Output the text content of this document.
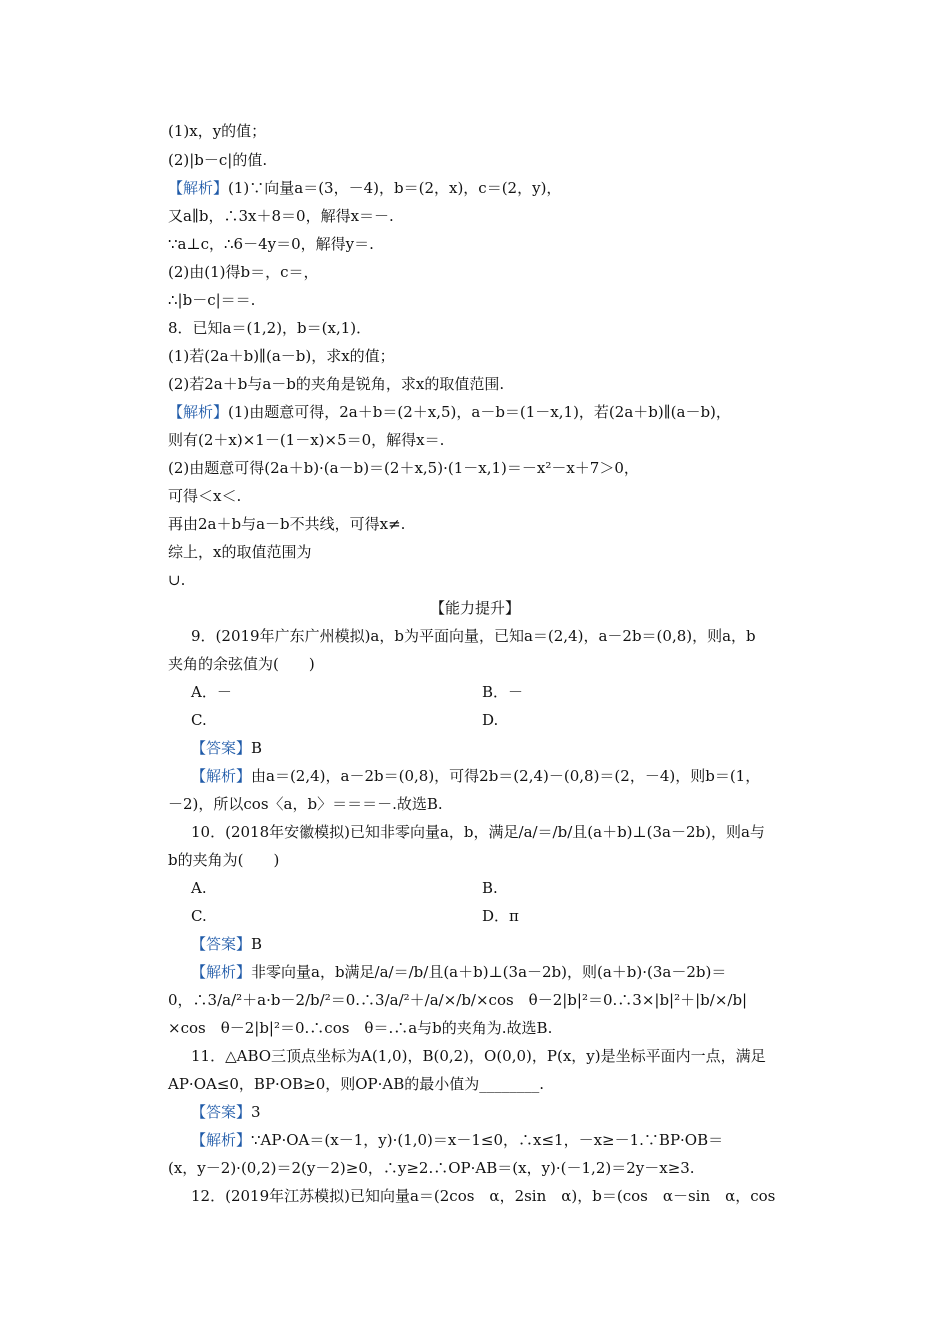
(1)x，y的值；
(2)|b－c|的值.
【解析】(1)∵向量a＝(3，－4)，b＝(2，x)，c＝(2，y)，
又a∥b，∴3x＋8＝0，解得x＝－.
∵a⊥c，∴6－4y＝0，解得y＝.
(2)由(1)得b＝，c＝，
∴|b－c|＝＝.
8．已知a＝(1,2)，b＝(x,1)．
(1)若(2a＋b)∥(a－b)，求x的值；
(2)若2a＋b与a－b的夹角是锐角，求x的取值范围.
【解析】(1)由题意可得，2a＋b＝(2＋x,5)，a－b＝(1－x,1)，若(2a＋b)∥(a－b)，
则有(2＋x)×1－(1－x)×5＝0，解得x＝.
(2)由题意可得(2a＋b)·(a－b)＝(2＋x,5)·(1－x,1)＝－x²－x＋7＞0，
可得＜x＜.
再由2a＋b与a－b不共线，可得x≠.
综上，x的取值范围为
∪.
【能力提升】
9．(2019年广东广州模拟)a，b为平面向量，已知a＝(2,4)，a－2b＝(0,8)，则a，b
夹角的余弦值为(　　)
A．－	B．－
C.	D.
【答案】B
【解析】由a＝(2,4)，a－2b＝(0,8)，可得2b＝(2,4)－(0,8)＝(2，－4)，则b＝(1，
－2)，所以cos〈a，b〉＝＝＝－.故选B.
10．(2018年安徽模拟)已知非零向量a，b，满足/a/＝/b/且(a＋b)⊥(3a－2b)，则a与
b的夹角为(　　)
A.	B.
C.	D．π
【答案】B
【解析】非零向量a，b满足/a/＝/b/且(a＋b)⊥(3a－2b)，则(a＋b)·(3a－2b)＝
0，∴3/a/²＋a·b－2/b/²＝0.∴3/a/²＋/a/×/b/×cos　θ－2|b|²＝0.∴3×|b|²＋|b/×/b|
×cos　θ－2|b|²＝0.∴cos　θ＝.∴a与b的夹角为.故选B.
11．△ABO三顶点坐标为A(1,0)，B(0,2)，O(0,0)，P(x，y)是坐标平面内一点，满足
AP·OA≤0，BP·OB≥0，则OP·AB的最小值为________.
【答案】3
【解析】∵AP·OA＝(x－1，y)·(1,0)＝x－1≤0，∴x≤1，－x≥－1.∵BP·OB＝
(x，y－2)·(0,2)＝2(y－2)≥0，∴y≥2.∴OP·AB＝(x，y)·(－1,2)＝2y－x≥3.
12．(2019年江苏模拟)已知向量a＝(2cos　α，2sin　α)，b＝(cos　α－sin　α，cos
